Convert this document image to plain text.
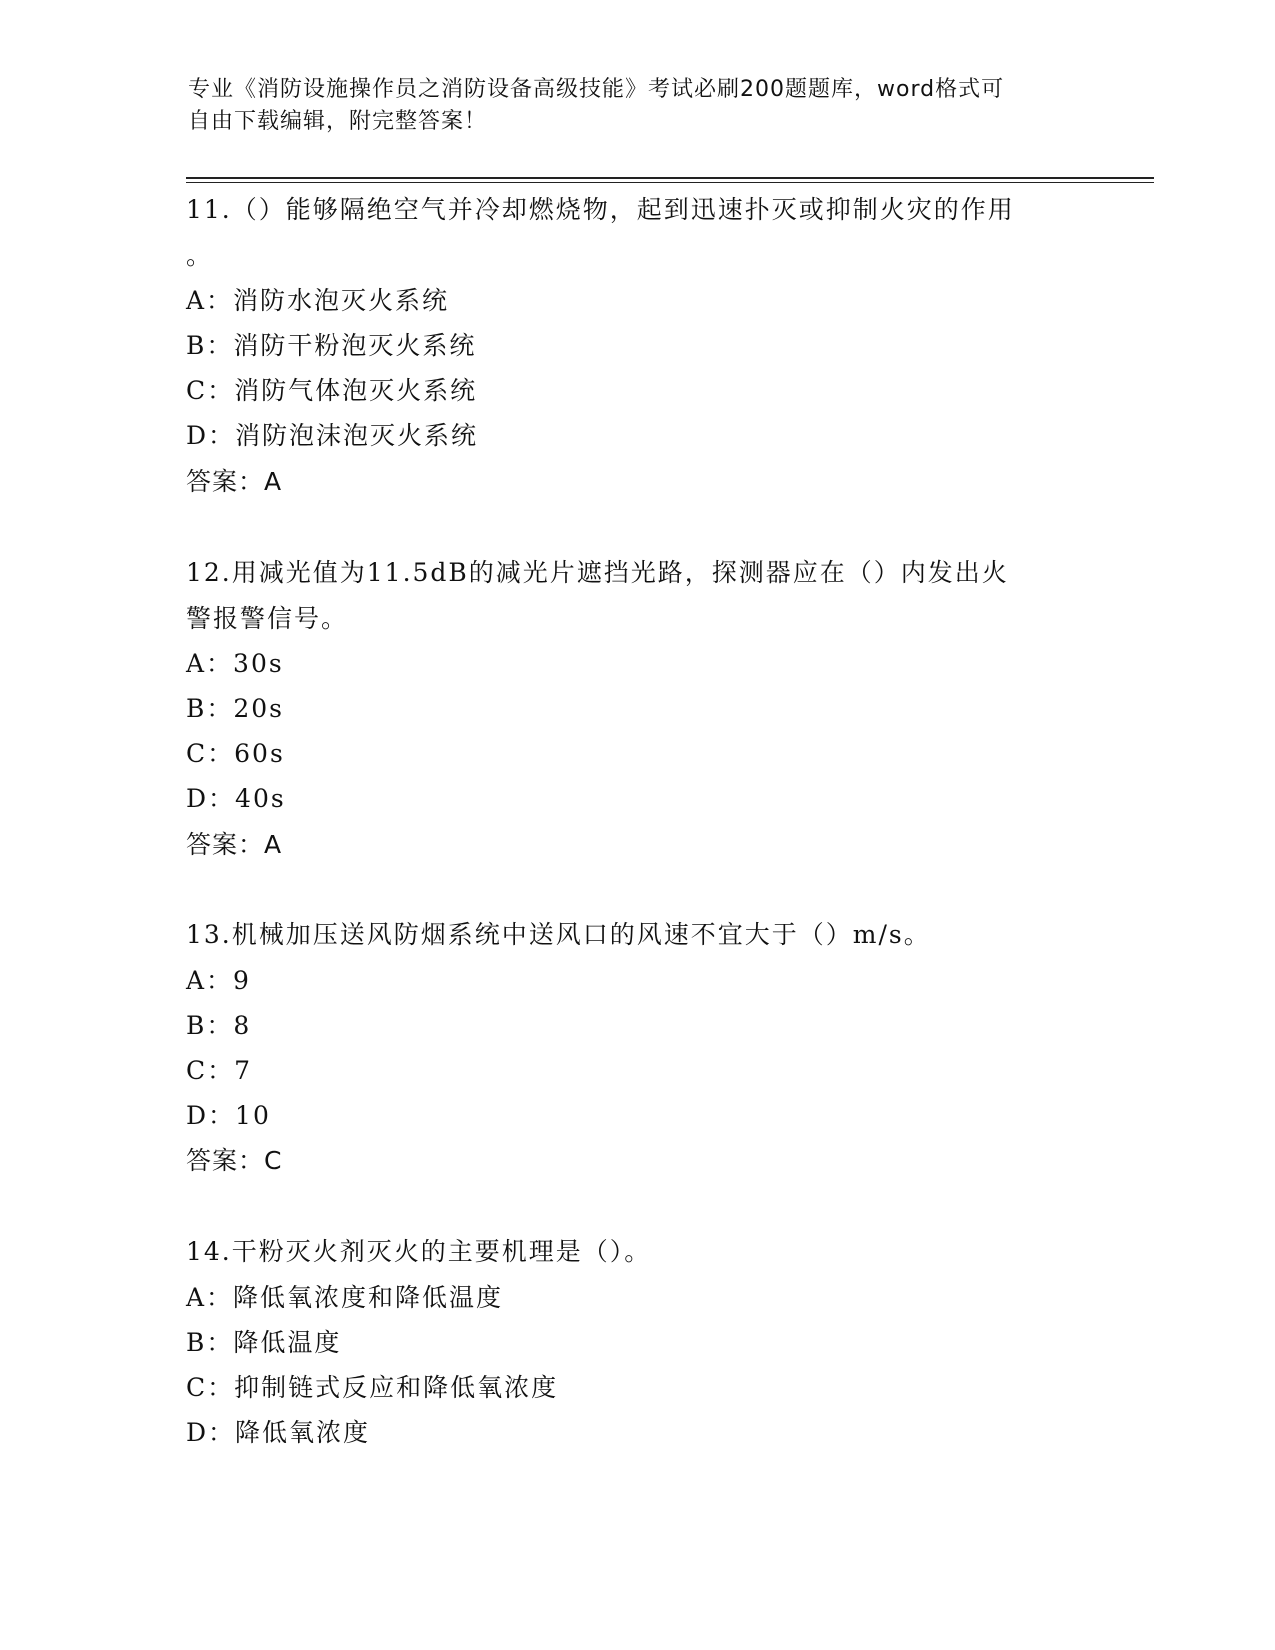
专业《消防设施操作员之消防设备高级技能》考试必刷200题题库，word格式可
自由下载编辑，附完整答案！
11.（）能够隔绝空气并冷却燃烧物，起到迅速扑灭或抑制火灾的作用
。
A：消防水泡灭火系统
B：消防干粉泡灭火系统
C：消防气体泡灭火系统
D：消防泡沫泡灭火系统
答案：A
12.用减光值为11.5dB的减光片遮挡光路，探测器应在（）内发出火
警报警信号。
A：30s
B：20s
C：60s
D：40s
答案：A
13.机械加压送风防烟系统中送风口的风速不宜大于（）m/s。
A：9
B：8
C：7
D：10
答案：C
14.干粉灭火剂灭火的主要机理是（）。
A：降低氧浓度和降低温度
B：降低温度
C：抑制链式反应和降低氧浓度
D：降低氧浓度
